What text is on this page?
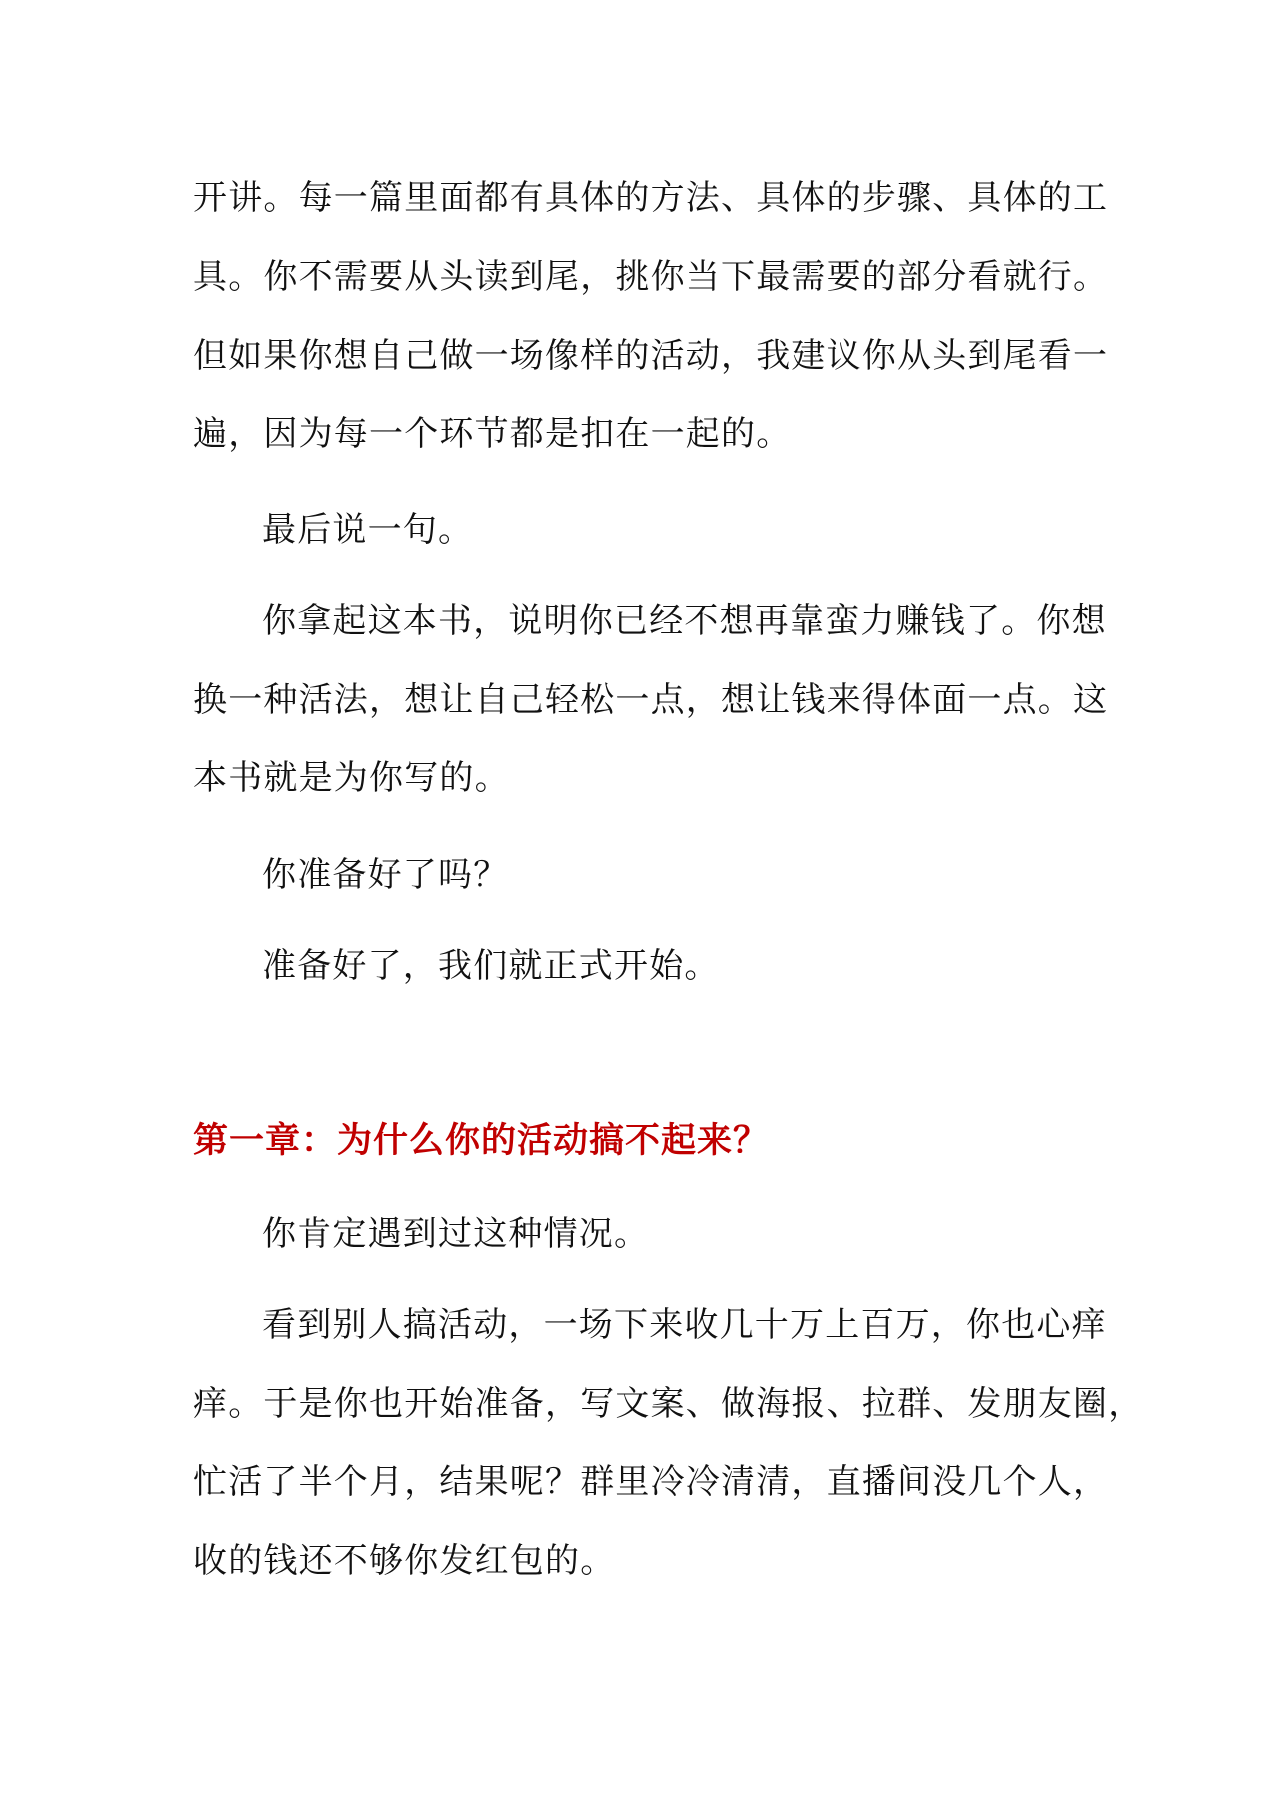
开讲。每一篇里面都有具体的方法、具体的步骤、具体的工
具。你不需要从头读到尾，挑你当下最需要的部分看就行。
但如果你想自己做一场像样的活动，我建议你从头到尾看一
遍，因为每一个环节都是扣在一起的。
最后说一句。
你拿起这本书，说明你已经不想再靠蛮力赚钱了。你想
换一种活法，想让自己轻松一点，想让钱来得体面一点。这
本书就是为你写的。
你准备好了吗？
准备好了，我们就正式开始。
第一章：为什么你的活动搞不起来？
你肯定遇到过这种情况。
看到别人搞活动，一场下来收几十万上百万，你也心痒
痒。于是你也开始准备，写文案、做海报、拉群、发朋友圈，
忙活了半个月，结果呢？群里冷冷清清，直播间没几个人，
收的钱还不够你发红包的。
